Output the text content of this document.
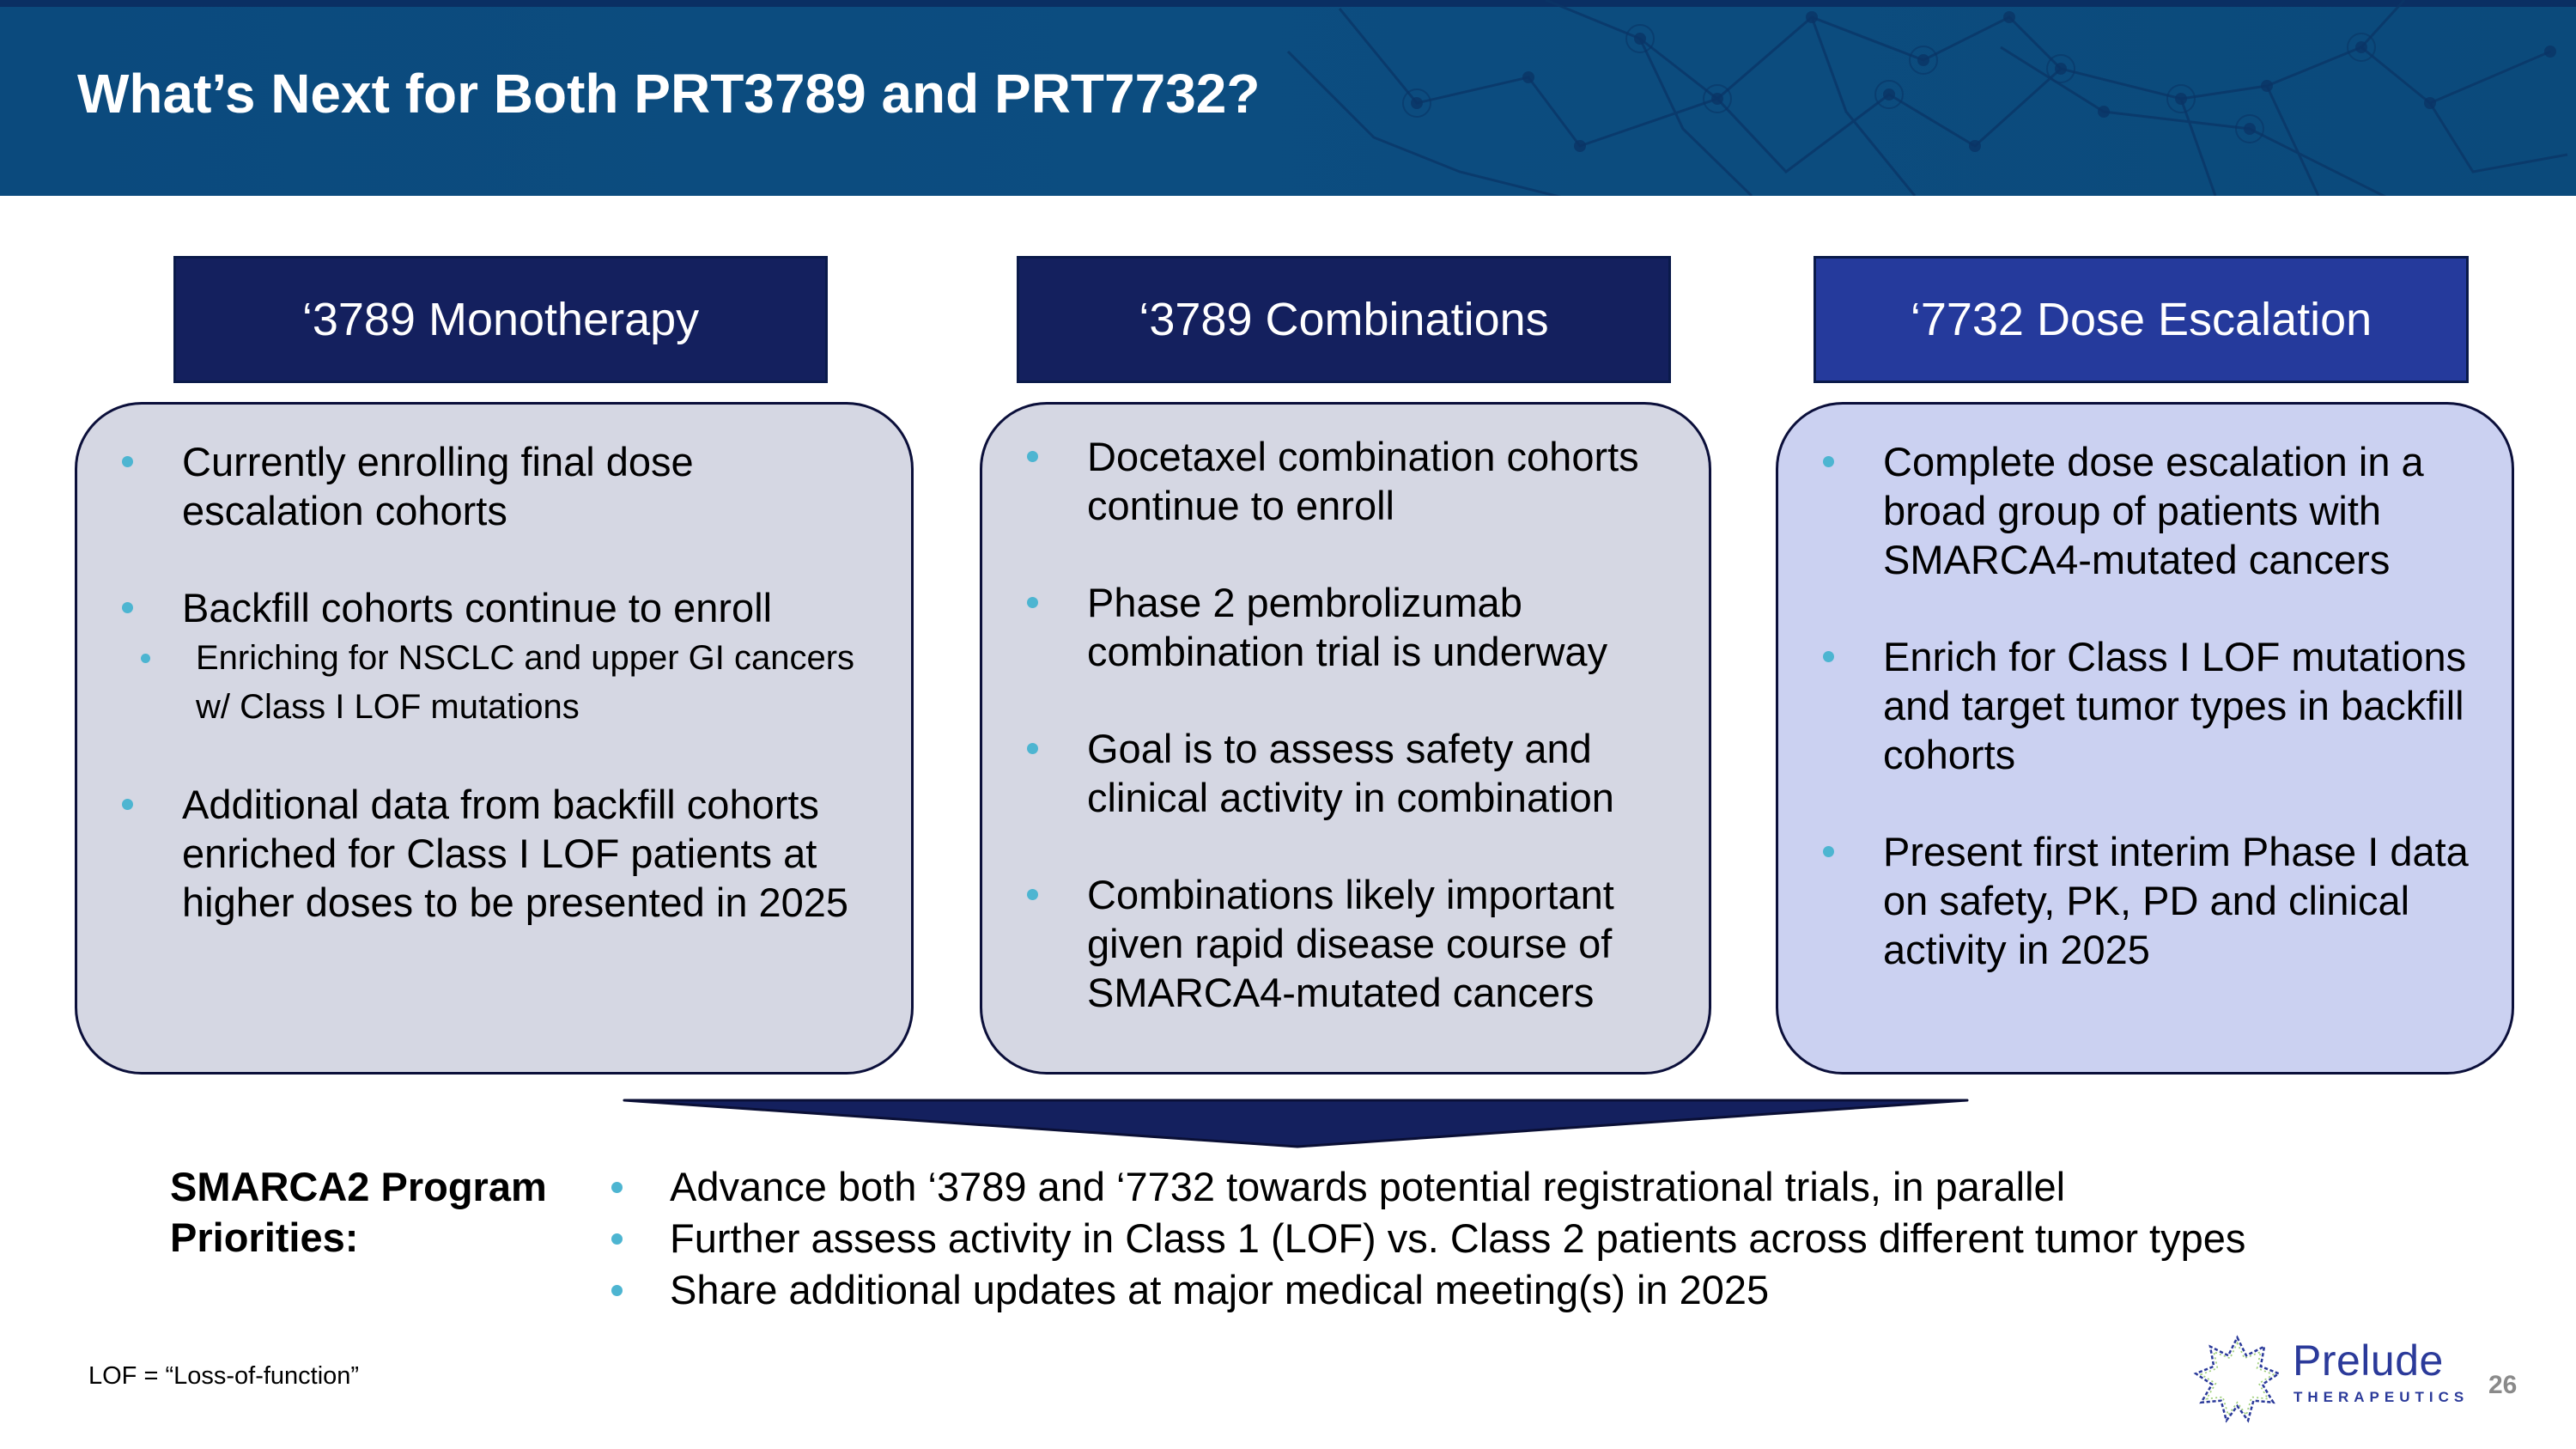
What’s Next for Both PRT3789 and PRT7732?
‘3789 Monotherapy	‘3789 Combinations	‘7732 Dose Escalation
Currently enrolling final dose escalation cohorts
Backfill cohorts continue to enroll
Enriching for NSCLC and upper GI cancers w/ Class I LOF mutations
Additional data from backfill cohorts enriched for Class I LOF patients at higher doses to be presented in 2025
Docetaxel combination cohorts continue to enroll
Phase 2 pembrolizumab combination trial is underway
Goal is to assess safety and clinical activity in combination
Combinations likely important given rapid disease course of SMARCA4-mutated cancers
Complete dose escalation in a broad group of patients with SMARCA4-mutated cancers
Enrich for Class I LOF mutations and target tumor types in backfill cohorts
Present first interim Phase I data on safety, PK, PD and clinical activity in 2025
SMARCA2 Program
Priorities:
Advance both ‘3789 and ‘7732 towards potential registrational trials, in parallel
Further assess activity in Class 1 (LOF) vs. Class 2 patients across different tumor types
Share additional updates at major medical meeting(s) in 2025
LOF = “Loss-of-function”	Prelude
THERAPEUTICS 26
